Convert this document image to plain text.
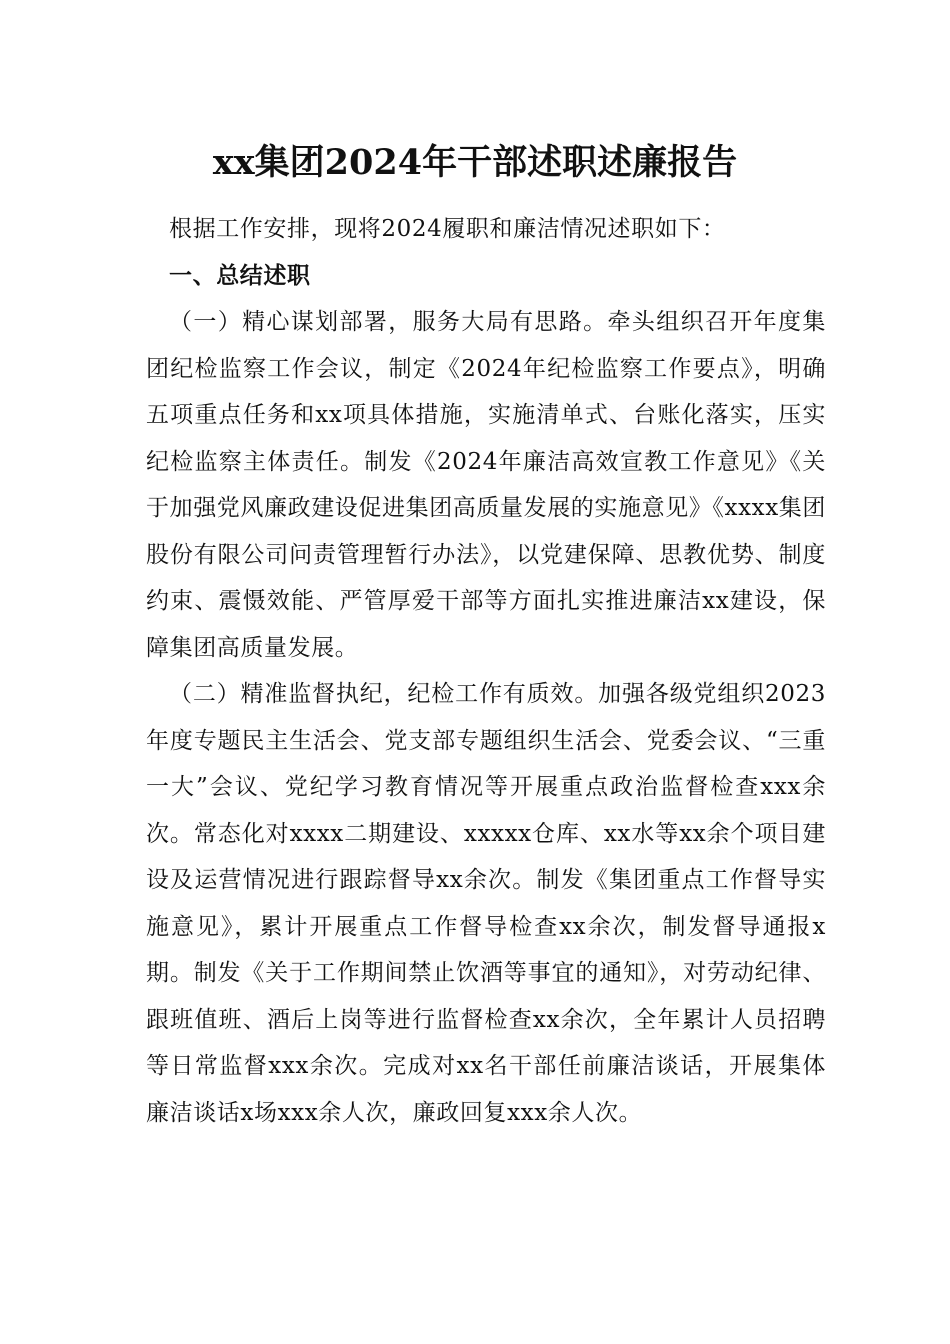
xx集团2024年干部述职述廉报告

根据工作安排，现将2024履职和廉洁情况述职如下：

一、总结述职

（一）精心谋划部署，服务大局有思路。牵头组织召开年度集团纪检监察工作会议，制定《2024年纪检监察工作要点》，明确五项重点任务和xx项具体措施，实施清单式、台账化落实，压实纪检监察主体责任。制发《2024年廉洁高效宣教工作意见》《关于加强党风廉政建设促进集团高质量发展的实施意见》《xxxx集团股份有限公司问责管理暂行办法》，以党建保障、思教优势、制度约束、震慑效能、严管厚爱干部等方面扎实推进廉洁xx建设，保障集团高质量发展。

（二）精准监督执纪，纪检工作有质效。加强各级党组织2023年度专题民主生活会、党支部专题组织生活会、党委会议、“三重一大”会议、党纪学习教育情况等开展重点政治监督检查xxx余次。常态化对xxxx二期建设、xxxxx仓库、xx水等xx余个项目建设及运营情况进行跟踪督导xx余次。制发《集团重点工作督导实施意见》，累计开展重点工作督导检查xx余次，制发督导通报x期。制发《关于工作期间禁止饮酒等事宜的通知》，对劳动纪律、跟班值班、酒后上岗等进行监督检查xx余次，全年累计人员招聘等日常监督xxx余次。完成对xx名干部任前廉洁谈话，开展集体廉洁谈话x场xxx余人次，廉政回复xxx余人次。
